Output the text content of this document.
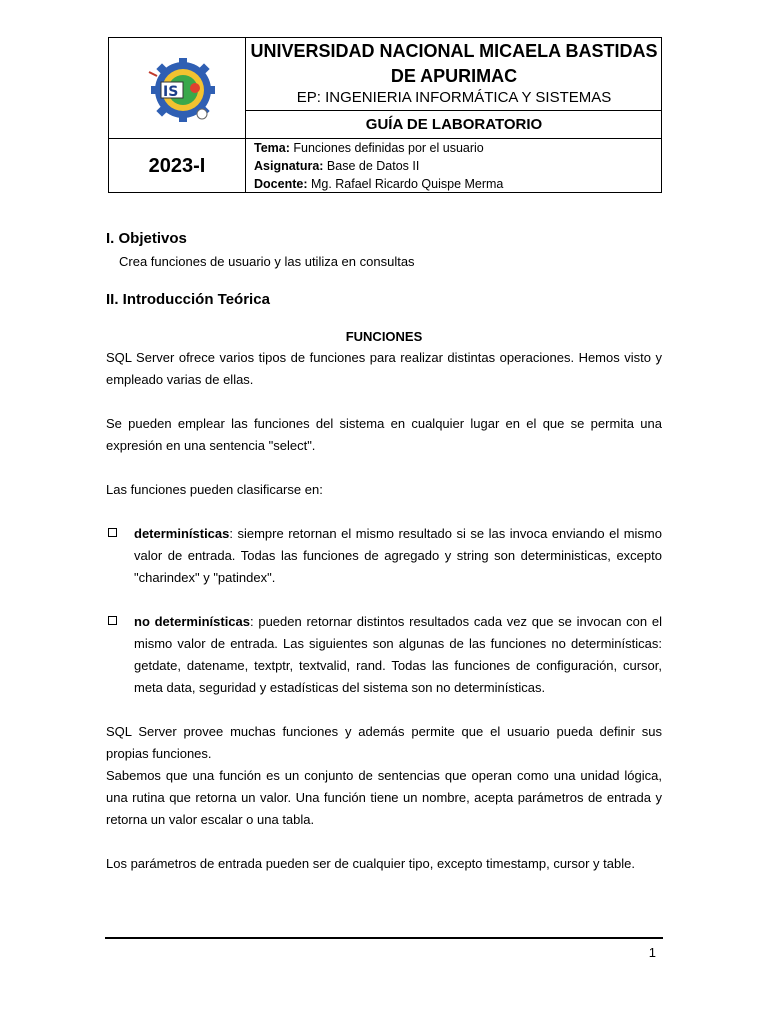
IS
2023-I
UNIVERSIDAD NACIONAL MICAELA BASTIDAS
DE APURIMAC
EP: INGENIERIA INFORMÁTICA Y SISTEMAS
GUÍA DE LABORATORIO
Tema: Funciones definidas por el usuario
Asignatura: Base de Datos II
Docente: Mg. Rafael Ricardo Quispe Merma
I. Objetivos
Crea funciones de usuario y las utiliza en consultas
II. Introducción Teórica
FUNCIONES

SQL Server ofrece varios tipos de funciones para realizar distintas operaciones. Hemos visto y empleado varias de ellas.

Se pueden emplear las funciones del sistema en cualquier lugar en el que se permita una expresión en una sentencia "select".

Las funciones pueden clasificarse en:

determinísticas: siempre retornan el mismo resultado si se las invoca enviando el mismo valor de entrada. Todas las funciones de agregado y string son deterministicas, excepto "charindex" y "patindex".
no determinísticas: pueden retornar distintos resultados cada vez que se invocan con el mismo valor de entrada. Las siguientes son algunas de las funciones no determinísticas: getdate, datename, textptr, textvalid, rand. Todas las funciones de configuración, cursor, meta data, seguridad y estadísticas del sistema son no determinísticas.

SQL Server provee muchas funciones y además permite que el usuario pueda definir sus propias funciones.

Sabemos que una función es un conjunto de sentencias que operan como una unidad lógica, una rutina que retorna un valor. Una función tiene un nombre, acepta parámetros de entrada y retorna un valor escalar o una tabla.

Los parámetros de entrada pueden ser de cualquier tipo, excepto timestamp, cursor y table.

1
